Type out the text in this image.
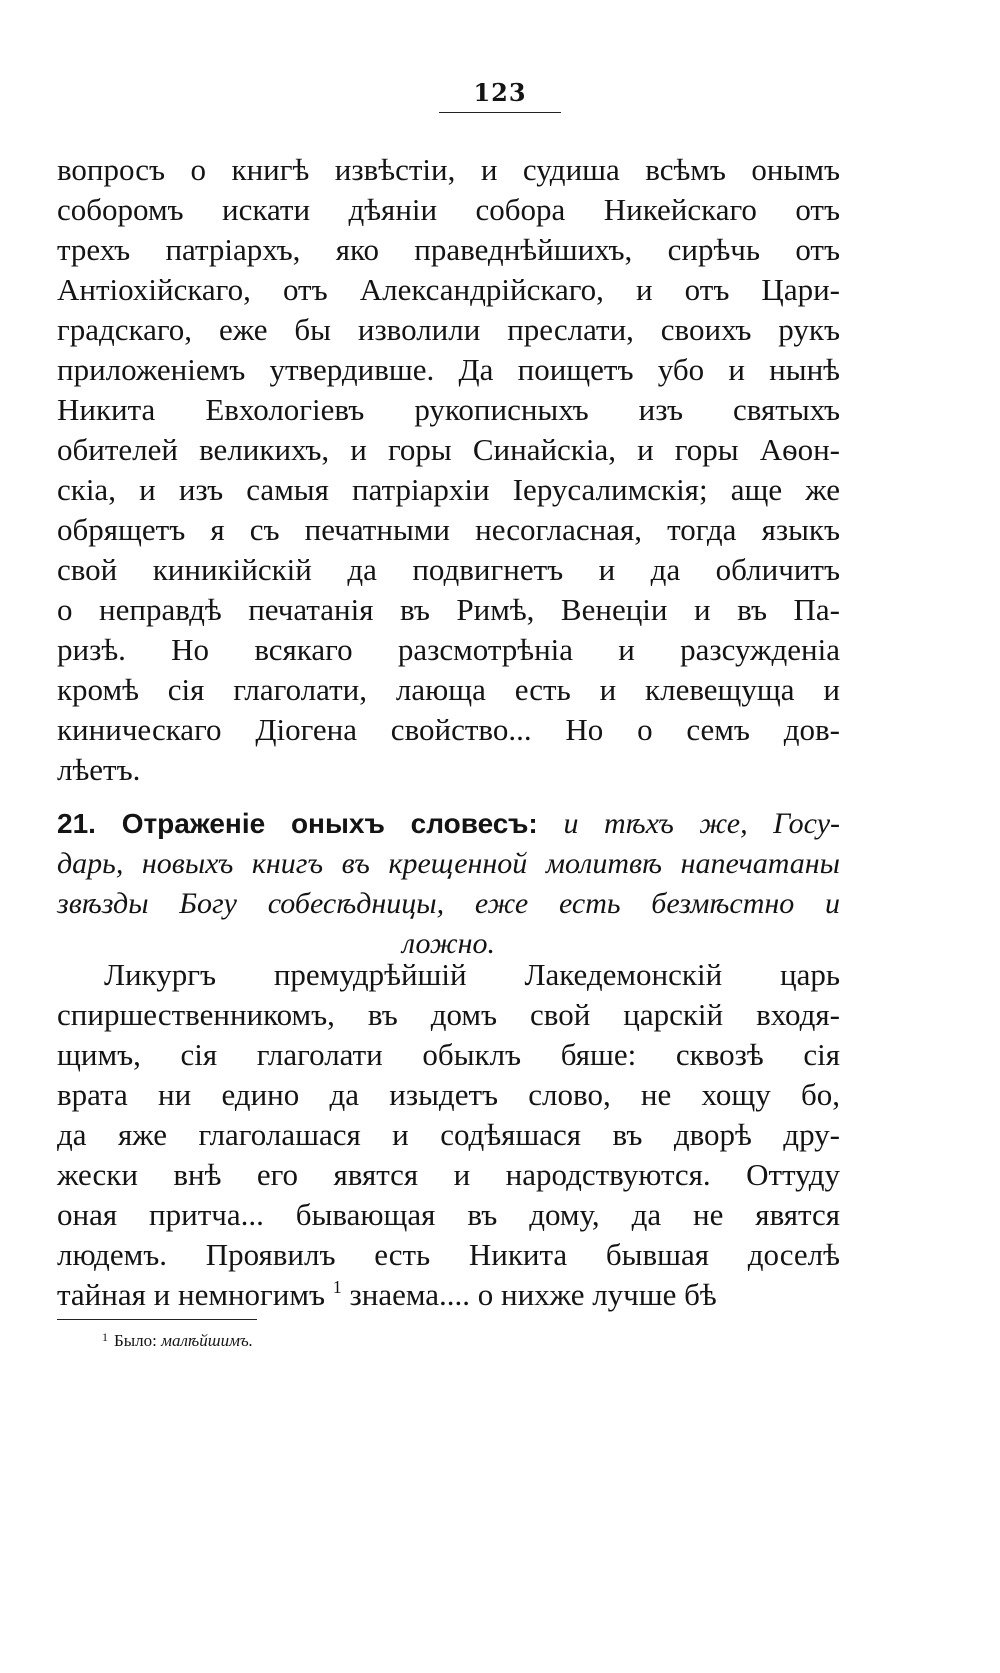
123
вопросъ о книгѣ извѣстіи, и судиша всѣмъ онымъ
соборомъ искати дѣяніи собора Никейскаго отъ
трехъ патріархъ, яко праведнѣйшихъ, сирѣчь отъ
Антіохійскаго, отъ Александрійскаго, и отъ Цари-
градскаго, еже бы изволили преслати, своихъ рукъ
приложеніемъ утвердивше. Да поищетъ убо и нынѣ
Никита Евхологіевъ рукописныхъ изъ святыхъ
обителей великихъ, и горы Синайскіа, и горы Аѳон-
скіа, и изъ самыя патріархіи Іерусалимскія; аще же
обрящетъ я съ печатными несогласная, тогда языкъ
свой киникійскій да подвигнетъ и да обличитъ
о неправдѣ печатанія въ Римѣ, Венеціи и въ Па-
ризѣ. Но всякаго разсмотрѣніа и разсужденіа
кромѣ сія глаголати, лающа есть и клевещуща и
киническаго Діогена свойство... Но о семъ дов-
лѣетъ.
21. Отраженіе оныхъ словесъ: и тѣхъ же, Госу-
дарь, новыхъ книгъ въ крещенной молитвѣ напечатаны
звѣзды Богу собесѣдницы, еже есть безмѣстно и
ложно.
Ликургъ премудрѣйшій Лакедемонскій царь
спиршественникомъ, въ домъ свой царскій входя-
щимъ, сія глаголати обыклъ бяше: сквозѣ сія
врата ни едино да изыдетъ слово, не хощу бо,
да яже глаголашася и содѣяшася въ дворѣ дру-
жески внѣ его явятся и народствуются. Оттуду
оная притча... бывающая въ дому, да не явятся
людемъ. Проявилъ есть Никита бывшая доселѣ
тайная и немногимъ $^1$ знаема.... о нихже лучше бѣ
$^1$ Было: малѣйшимъ.
